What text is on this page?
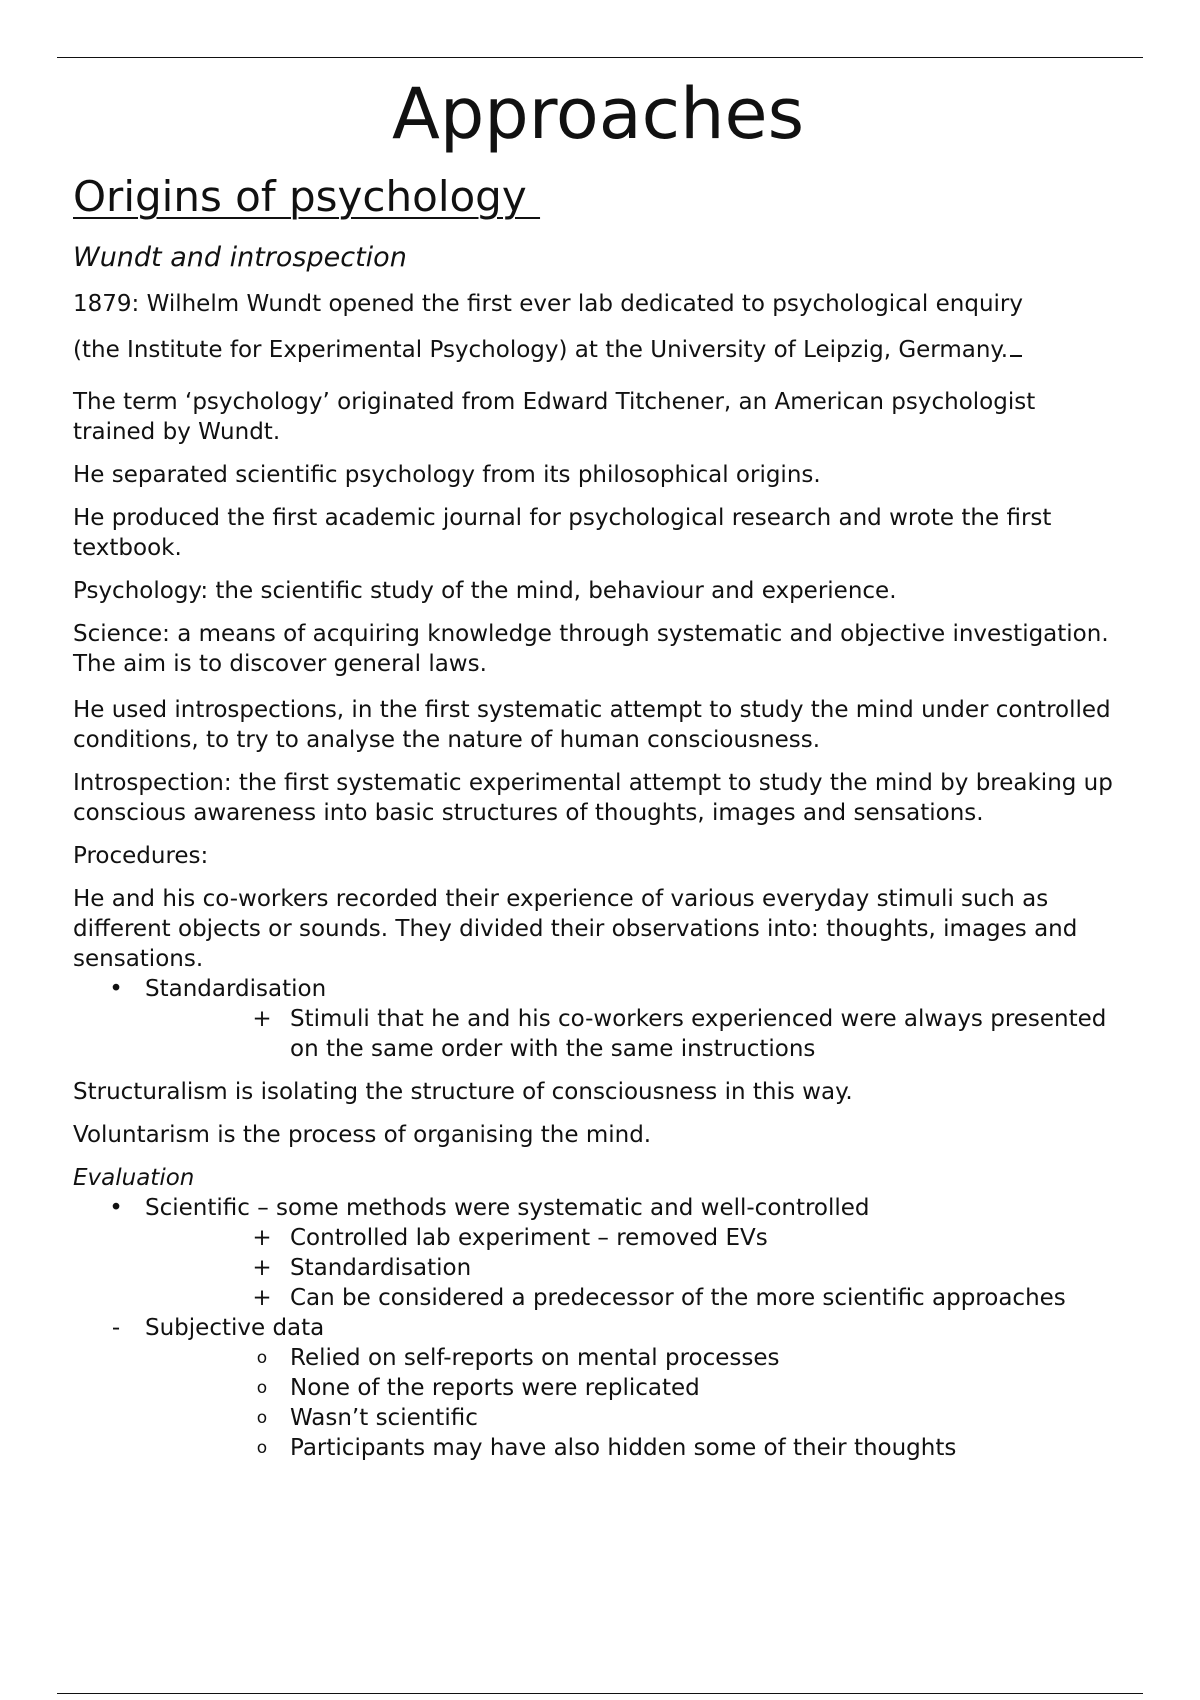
Approaches
Origins of psychology
Wundt and introspection

1879: Wilhelm Wundt opened the first ever lab dedicated to psychological enquiry

(the Institute for Experimental Psychology) at the University of Leipzig, Germany.

The term ‘psychology’ originated from Edward Titchener, an American psychologist trained by Wundt.

He separated scientific psychology from its philosophical origins.

He produced the first academic journal for psychological research and wrote the first textbook.

Psychology: the scientific study of the mind, behaviour and experience.

Science: a means of acquiring knowledge through systematic and objective investigation. The aim is to discover general laws.

He used introspections, in the first systematic attempt to study the mind under controlled conditions, to try to analyse the nature of human consciousness.

Introspection: the first systematic experimental attempt to study the mind by breaking up conscious awareness into basic structures of thoughts, images and sensations.

Procedures:

He and his co-workers recorded their experience of various everyday stimuli such as different objects or sounds. They divided their observations into: thoughts, images and sensations.

• Standardisation
+ Stimuli that he and his co-workers experienced were always presented on the same order with the same instructions

Structuralism is isolating the structure of consciousness in this way.

Voluntarism is the process of organising the mind.

Evaluation

• Scientific – some methods were systematic and well-controlled
+ Controlled lab experiment – removed EVs
+ Standardisation
+ Can be considered a predecessor of the more scientific approaches
- Subjective data
o Relied on self-reports on mental processes
o None of the reports were replicated
o Wasn’t scientific
o Participants may have also hidden some of their thoughts
